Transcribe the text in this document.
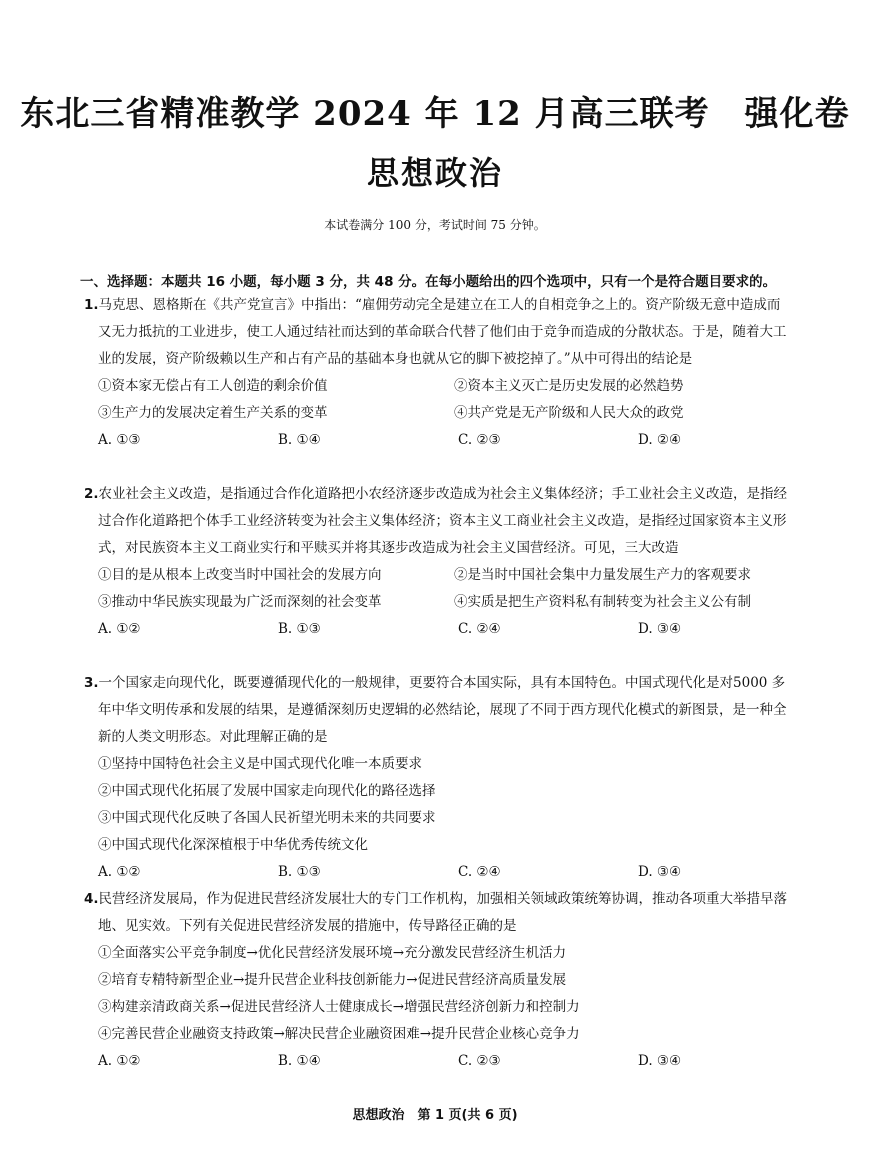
东北三省精准教学 2024 年 12 月高三联考　强化卷
思想政治
本试卷满分 100 分，考试时间 75 分钟。
一、选择题：本题共 16 小题，每小题 3 分，共 48 分。在每小题给出的四个选项中，只有一个是符合题目要求的。
1.马克思、恩格斯在《共产党宣言》中指出：“雇佣劳动完全是建立在工人的自相竞争之上的。资产阶级无意中造成而又无力抵抗的工业进步，使工人通过结社而达到的革命联合代替了他们由于竞争而造成的分散状态。于是，随着大工业的发展，资产阶级赖以生产和占有产品的基础本身也就从它的脚下被挖掉了。”从中可得出的结论是
①资本家无偿占有工人创造的剩余价值	②资本主义灭亡是历史发展的必然趋势
③生产力的发展决定着生产关系的变革	④共产党是无产阶级和人民大众的政党
A. ①③	B. ①④	C. ②③	D. ②④
2.农业社会主义改造，是指通过合作化道路把小农经济逐步改造成为社会主义集体经济；手工业社会主义改造，是指经过合作化道路把个体手工业经济转变为社会主义集体经济；资本主义工商业社会主义改造，是指经过国家资本主义形式，对民族资本主义工商业实行和平赎买并将其逐步改造成为社会主义国营经济。可见，三大改造
①目的是从根本上改变当时中国社会的发展方向	②是当时中国社会集中力量发展生产力的客观要求
③推动中华民族实现最为广泛而深刻的社会变革	④实质是把生产资料私有制转变为社会主义公有制
A. ①②	B. ①③	C. ②④	D. ③④
3.一个国家走向现代化，既要遵循现代化的一般规律，更要符合本国实际，具有本国特色。中国式现代化是对5000 多年中华文明传承和发展的结果，是遵循深刻历史逻辑的必然结论，展现了不同于西方现代化模式的新图景，是一种全新的人类文明形态。对此理解正确的是
①坚持中国特色社会主义是中国式现代化唯一本质要求
②中国式现代化拓展了发展中国家走向现代化的路径选择
③中国式现代化反映了各国人民祈望光明未来的共同要求
④中国式现代化深深植根于中华优秀传统文化
A. ①②	B. ①③	C. ②④	D. ③④
4.民营经济发展局，作为促进民营经济发展壮大的专门工作机构，加强相关领域政策统筹协调，推动各项重大举措早落地、见实效。下列有关促进民营经济发展的措施中，传导路径正确的是
①全面落实公平竞争制度→优化民营经济发展环境→充分激发民营经济生机活力
②培育专精特新型企业→提升民营企业科技创新能力→促进民营经济高质量发展
③构建亲清政商关系→促进民营经济人士健康成长→增强民营经济创新力和控制力
④完善民营企业融资支持政策→解决民营企业融资困难→提升民营企业核心竞争力
A. ①②	B. ①④	C. ②③	D. ③④
思想政治　第 1 页(共 6 页)
